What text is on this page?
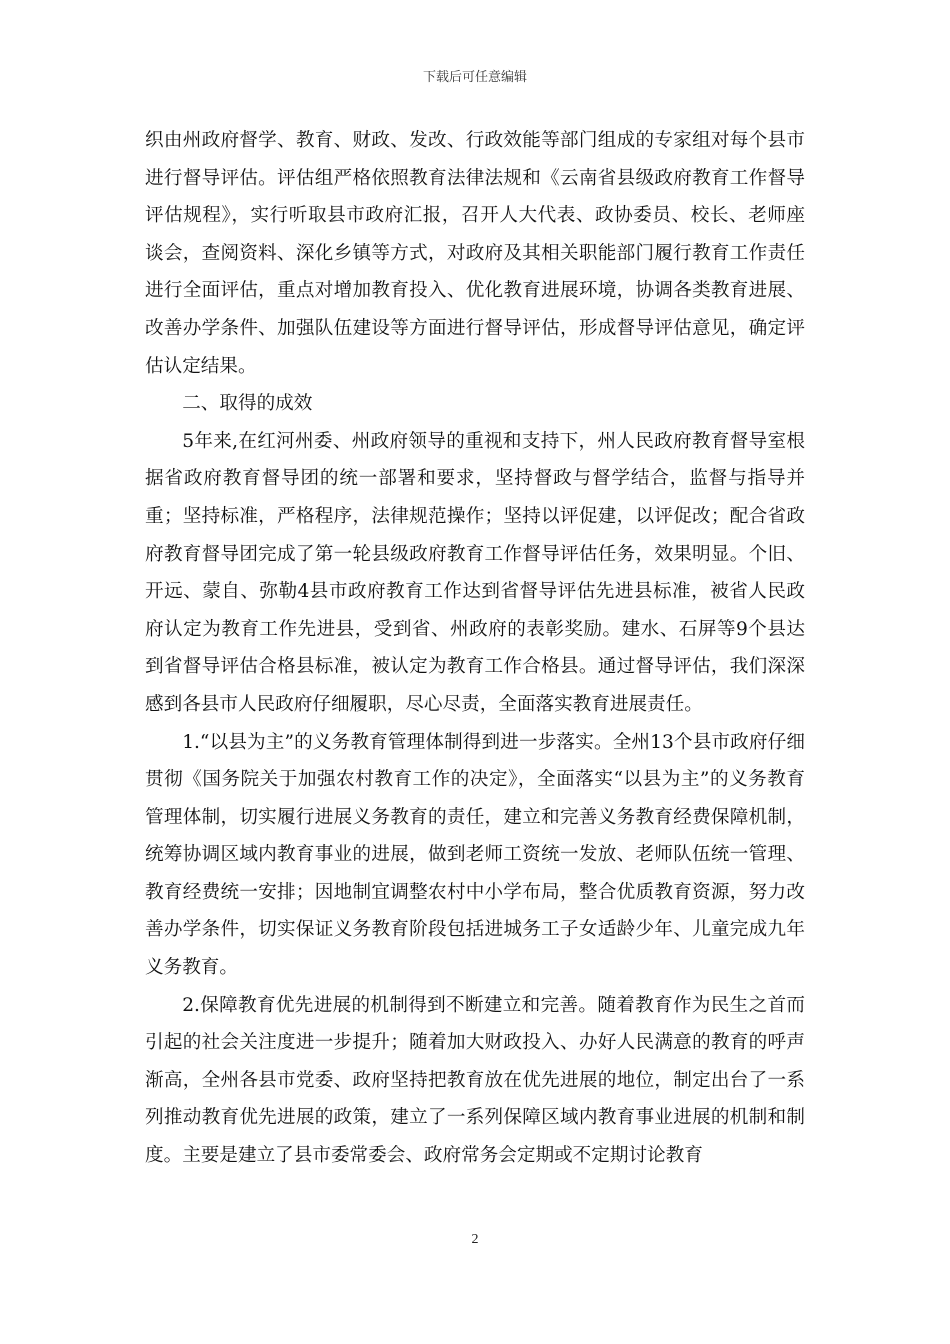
下载后可任意编辑

织由州政府督学、教育、财政、发改、行政效能等部门组成的专家组对每个县市进行督导评估。评估组严格依照教育法律法规和《云南省县级政府教育工作督导评估规程》，实行听取县市政府汇报，召开人大代表、政协委员、校长、老师座谈会，查阅资料、深化乡镇等方式，对政府及其相关职能部门履行教育工作责任进行全面评估，重点对增加教育投入、优化教育进展环境，协调各类教育进展、改善办学条件、加强队伍建设等方面进行督导评估，形成督导评估意见，确定评估认定结果。

二、取得的成效

5年来,在红河州委、州政府领导的重视和支持下，州人民政府教育督导室根据省政府教育督导团的统一部署和要求，坚持督政与督学结合，监督与指导并重；坚持标准，严格程序，法律规范操作；坚持以评促建，以评促改；配合省政府教育督导团完成了第一轮县级政府教育工作督导评估任务，效果明显。个旧、开远、蒙自、弥勒4县市政府教育工作达到省督导评估先进县标准，被省人民政府认定为教育工作先进县，受到省、州政府的表彰奖励。建水、石屏等9个县达到省督导评估合格县标准，被认定为教育工作合格县。通过督导评估，我们深深感到各县市人民政府仔细履职，尽心尽责，全面落实教育进展责任。

1.“以县为主”的义务教育管理体制得到进一步落实。全州13个县市政府仔细贯彻《国务院关于加强农村教育工作的决定》，全面落实“以县为主”的义务教育管理体制，切实履行进展义务教育的责任，建立和完善义务教育经费保障机制，统筹协调区域内教育事业的进展，做到老师工资统一发放、老师队伍统一管理、教育经费统一安排；因地制宜调整农村中小学布局，整合优质教育资源，努力改善办学条件，切实保证义务教育阶段包括进城务工子女适龄少年、儿童完成九年义务教育。

2.保障教育优先进展的机制得到不断建立和完善。随着教育作为民生之首而引起的社会关注度进一步提升；随着加大财政投入、办好人民满意的教育的呼声渐高，全州各县市党委、政府坚持把教育放在优先进展的地位，制定出台了一系列推动教育优先进展的政策，建立了一系列保障区域内教育事业进展的机制和制度。主要是建立了县市委常委会、政府常务会定期或不定期讨论教育

2
